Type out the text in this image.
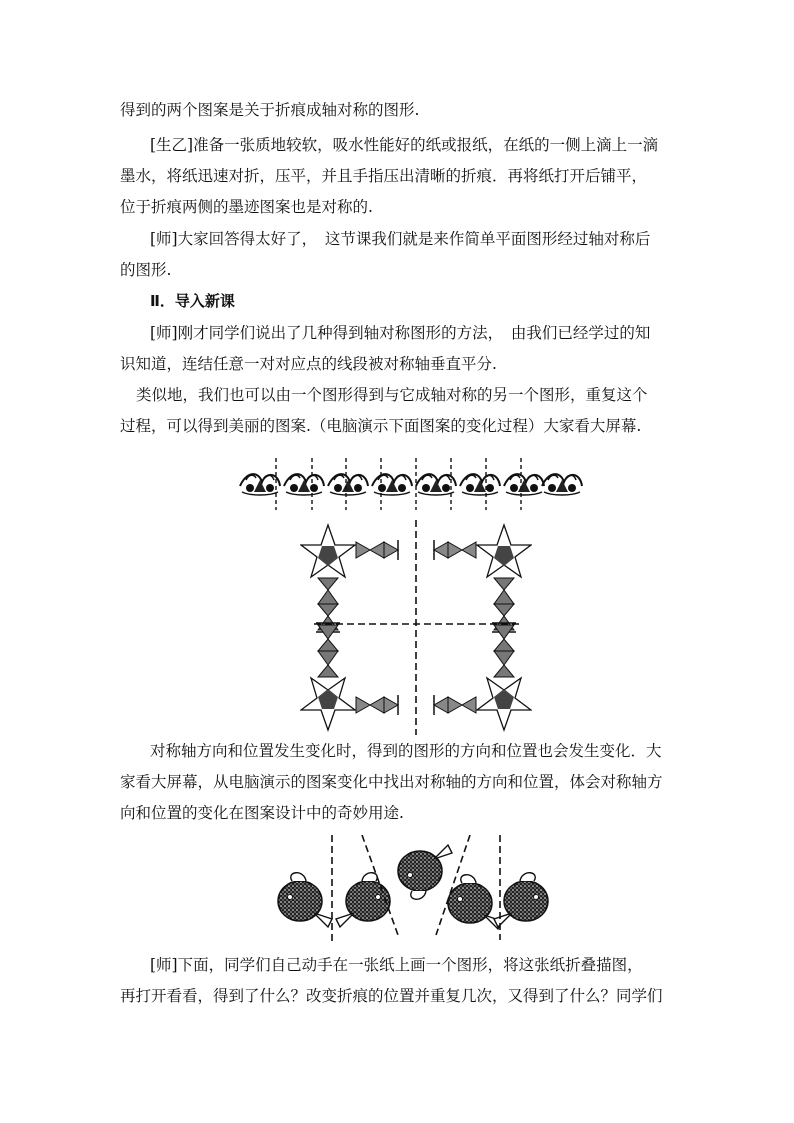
得到的两个图案是关于折痕成轴对称的图形.
[生乙]准备一张质地较软，吸水性能好的纸或报纸，在纸的一侧上滴上一滴
墨水，将纸迅速对折，压平，并且手指压出清晰的折痕．再将纸打开后铺平，
位于折痕两侧的墨迹图案也是对称的.
[师]大家回答得太好了，　这节课我们就是来作简单平面图形经过轴对称后
的图形.
Ⅱ．导入新课
[师]刚才同学们说出了几种得到轴对称图形的方法，　由我们已经学过的知
识知道，连结任意一对对应点的线段被对称轴垂直平分.
类似地，我们也可以由一个图形得到与它成轴对称的另一个图形，重复这个
过程，可以得到美丽的图案.（电脑演示下面图案的变化过程）大家看大屏幕.
对称轴方向和位置发生变化时，得到的图形的方向和位置也会发生变化．大
家看大屏幕，从电脑演示的图案变化中找出对称轴的方向和位置，体会对称轴方
向和位置的变化在图案设计中的奇妙用途.
[师]下面，同学们自己动手在一张纸上画一个图形，将这张纸折叠描图，
再打开看看，得到了什么？改变折痕的位置并重复几次，又得到了什么？同学们
